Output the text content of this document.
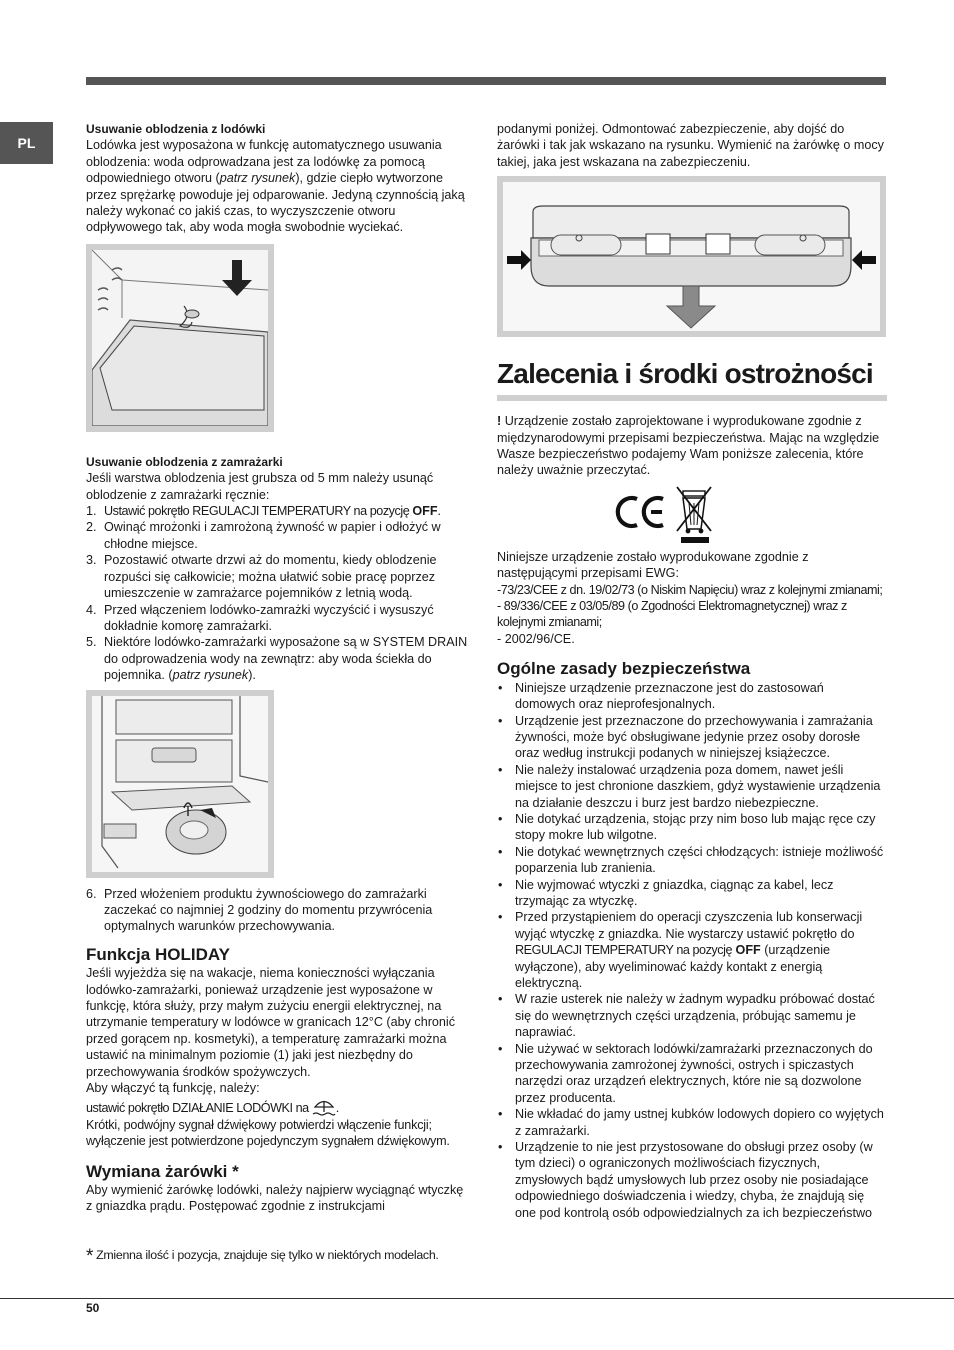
PL
Usuwanie oblodzenia z lodówki

Lodówka jest wyposażona w funkcję automatycznego usuwania oblodzenia: woda odprowadzana jest za lodówkę za pomocą odpowiedniego otworu (patrz rysunek), gdzie ciepło wytworzone przez sprężarkę powoduje jej odparowanie. Jedyną czynnością jaką należy wykonać co jakiś czas, to wyczyszczenie otworu odpływowego tak, aby woda mogła swobodnie wyciekać.

Usuwanie oblodzenia z zamrażarki

Jeśli warstwa oblodzenia jest grubsza od 5 mm należy usunąć oblodzenie z zamrażarki ręcznie:

1. Ustawić pokrętło REGULACJI TEMPERATURY na pozycję OFF.
2. Owinąć mrożonki i zamrożoną żywność w papier i odłożyć w chłodne miejsce.
3. Pozostawić otwarte drzwi aż do momentu, kiedy oblodzenie rozpuści się całkowicie; można ułatwić sobie pracę poprzez umieszczenie w zamrażarce pojemników z letnią wodą.
4. Przed włączeniem lodówko-zamrażki wyczyścić i wysuszyć dokładnie komorę zamrażarki.
5. Niektóre lodówko-zamrażarki wyposażone są w SYSTEM DRAIN do odprowadzenia wody na zewnątrz: aby woda ściekła do pojemnika. (patrz rysunek).
6. Przed włożeniem produktu żywnościowego do zamrażarki zaczekać co najmniej 2 godziny do momentu przywrócenia optymalnych warunków przechowywania.
Funkcja HOLIDAY

Jeśli wyjeżdża się na wakacje, niema konieczności wyłączania lodówko-zamrażarki, ponieważ urządzenie jest wyposażone w funkcję, która służy, przy małym zużyciu energii elektrycznej, na utrzymanie temperatury w lodówce w granicach 12°C (aby chronić przed gorącem np. kosmetyki), a temperaturę zamrażarki można ustawić na minimalnym poziomie (1) jaki jest niezbędny do przechowywania środków spożywczych.

Aby włączyć tą funkcję, należy:

ustawić pokrętło DZIAŁANIE LODÓWKI na .

Krótki, podwójny sygnał dźwiękowy potwierdzi włączenie funkcji; wyłączenie jest potwierdzone pojedynczym sygnałem dźwiękowym.

Wymiana żarówki *

Aby wymienić żarówkę lodówki, należy najpierw wyciągnąć wtyczkę z gniazdka prądu. Postępować zgodnie z instrukcjami

* Zmienna ilość i pozycja, znajduje się tylko w niektórych modelach.

podanymi poniżej. Odmontować zabezpieczenie, aby dojść do żarówki i tak jak wskazano na rysunku. Wymienić na żarówkę o mocy takiej, jaka jest wskazana na zabezpieczeniu.

Zalecenia i środki ostrożności

! Urządzenie zostało zaprojektowane i wyprodukowane zgodnie z międzynarodowymi przepisami bezpieczeństwa. Mając na względzie Wasze bezpieczeństwo podajemy Wam poniższe zalecenia, które należy uważnie przeczytać.

Niniejsze urządzenie zostało wyprodukowane zgodnie z następującymi przepisami EWG:

-73/23/CEE z dn. 19/02/73 (o Niskim Napięciu) wraz z kolejnymi zmianami;

- 89/336/CEE z 03/05/89 (o Zgodności Elektromagnetycznej) wraz z kolejnymi zmianami;

- 2002/96/CE.

Ogólne zasady bezpieczeństwa
• Niniejsze urządzenie przeznaczone jest do zastosowań domowych oraz nieprofesjonalnych.
• Urządzenie jest przeznaczone do przechowywania i zamrażania żywności, może być obsługiwane jedynie przez osoby dorosłe oraz według instrukcji podanych w niniejszej książeczce.
• Nie należy instalować urządzenia poza domem, nawet jeśli miejsce to jest chronione daszkiem, gdyż wystawienie urządzenia na działanie deszczu i burz jest bardzo niebezpieczne.
• Nie dotykać urządzenia, stojąc przy nim boso lub mając ręce czy stopy mokre lub wilgotne.
• Nie dotykać wewnętrznych części chłodzących: istnieje możliwość poparzenia lub zranienia.
• Nie wyjmować wtyczki z gniazdka, ciągnąc za kabel, lecz trzymając za wtyczkę.
• Przed przystąpieniem do operacji czyszczenia lub konserwacji wyjąć wtyczkę z gniazdka. Nie wystarczy ustawić pokrętło do REGULACJI TEMPERATURY na pozycję OFF (urządzenie wyłączone), aby wyeliminować każdy kontakt z energią elektryczną.
• W razie usterek nie należy w żadnym wypadku próbować dostać się do wewnętrznych części urządzenia, próbując samemu je naprawiać.
• Nie używać w sektorach lodówki/zamrażarki przeznaczonych do przechowywania zamrożonej żywności, ostrych i spiczastych narzędzi oraz urządzeń elektrycznych, które nie są dozwolone przez producenta.
• Nie wkładać do jamy ustnej kubków lodowych dopiero co wyjętych z zamrażarki.
• Urządzenie to nie jest przystosowane do obsługi przez osoby (w tym dzieci) o ograniczonych możliwościach fizycznych, zmysłowych bądź umysłowych lub przez osoby nie posiadające odpowiedniego doświadczenia i wiedzy, chyba, że znajdują się one pod kontrolą osób odpowiedzialnych za ich bezpieczeństwo
50
